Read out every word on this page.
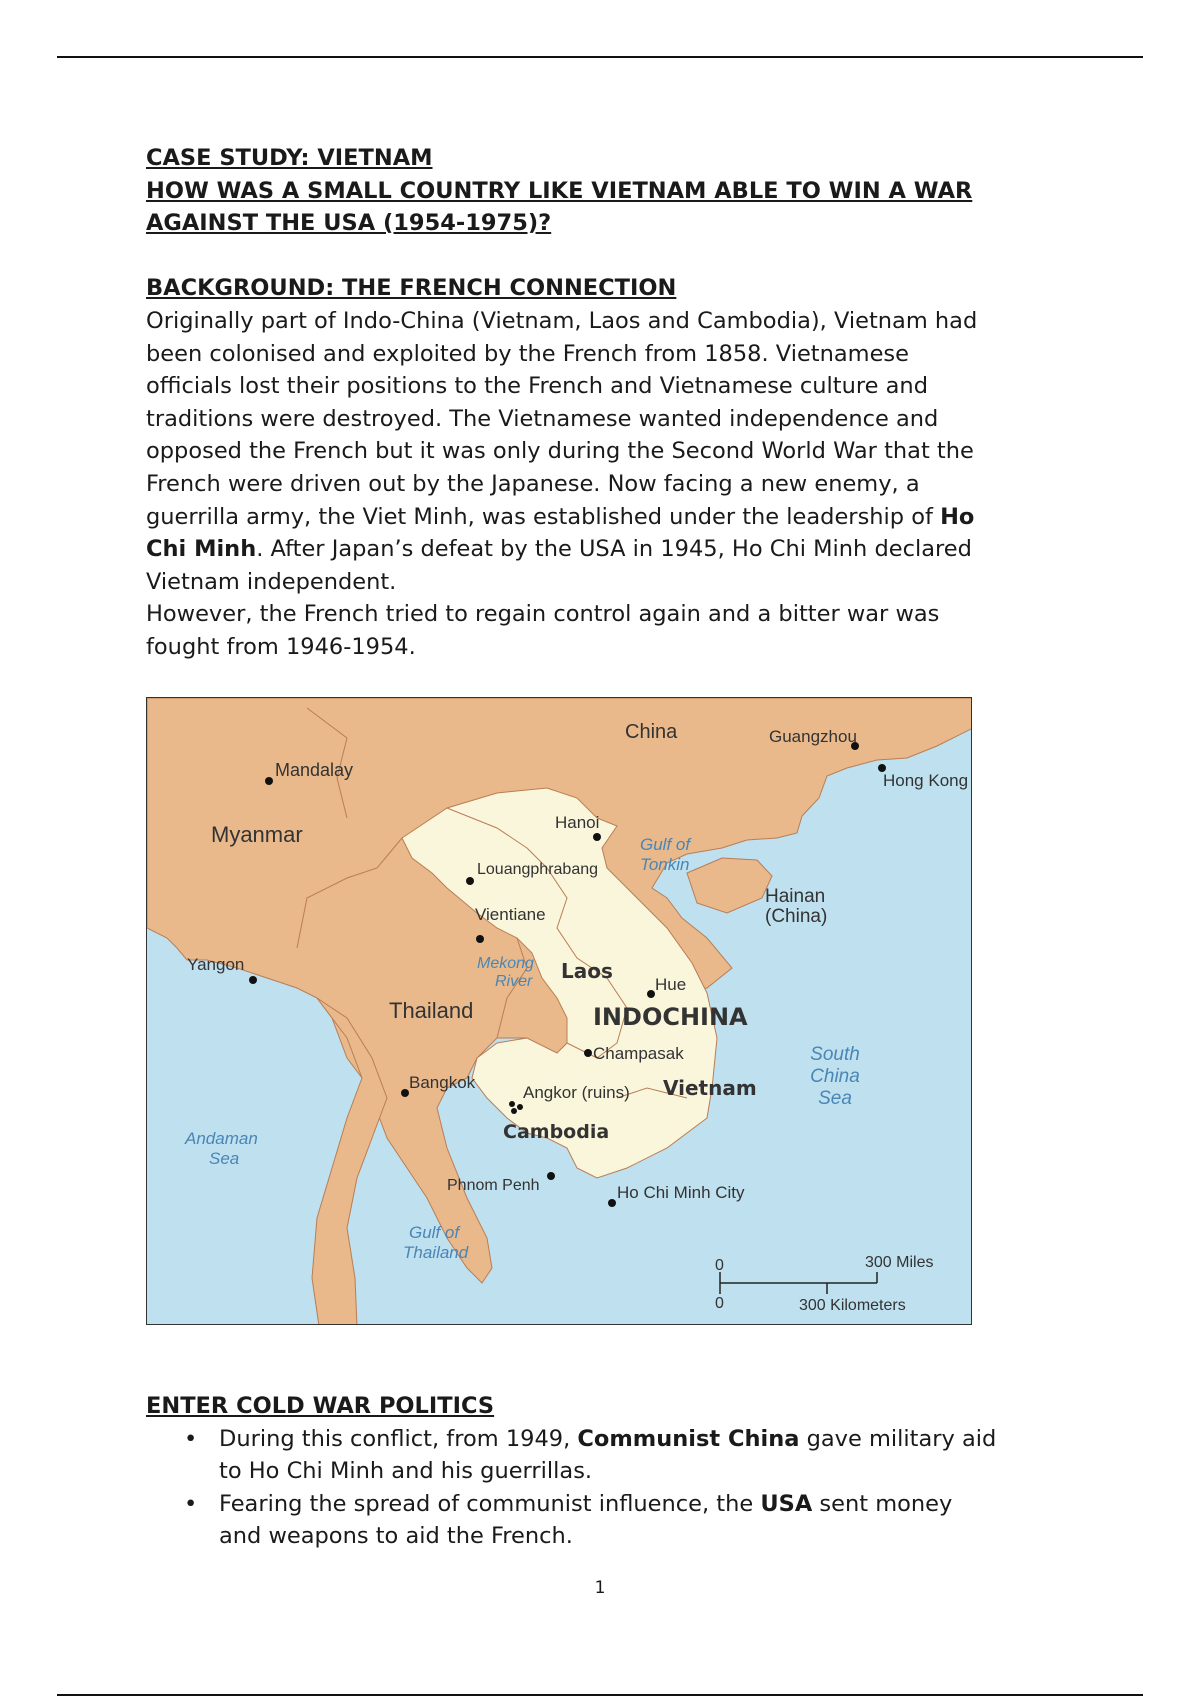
CASE STUDY: VIETNAM
HOW WAS A SMALL COUNTRY LIKE VIETNAM ABLE TO WIN A WAR
AGAINST THE USA (1954-1975)?
BACKGROUND: THE FRENCH CONNECTION
Originally part of Indo-China (Vietnam, Laos and Cambodia), Vietnam had
been colonised and exploited by the French from 1858. Vietnamese
officials lost their positions to the French and Vietnamese culture and
traditions were destroyed. The Vietnamese wanted independence and
opposed the French but it was only during the Second World War that the
French were driven out by the Japanese. Now facing a new enemy, a
guerrilla army, the Viet Minh, was established under the leadership of Ho
Chi Minh. After Japan’s defeat by the USA in 1945, Ho Chi Minh declared
Vietnam independent.
However, the French tried to regain control again and a bitter war was
fought from 1946-1954.
China	Guangzhou
Hong Kong
Mandalay
Myanmar	Hanoi
Gulf of
Tonkin
Louangphrabang
Hainan
(China)
Vientiane
Yangon	Mekong
River Laos
Hue
Thailand	INDOCHINA
Champasak	South
China
Sea
Bangkok
Angkor (ruins) Vietnam
Andaman
Sea
Cambodia
Phnom Penh	Ho Chi Minh City
Gulf of
Thailand
0
0
300 Miles
300 Kilometers
ENTER COLD WAR POLITICS
• During this conflict, from 1949, Communist China gave military aid
to Ho Chi Minh and his guerrillas.
• Fearing the spread of communist influence, the USA sent money
and weapons to aid the French.
1
